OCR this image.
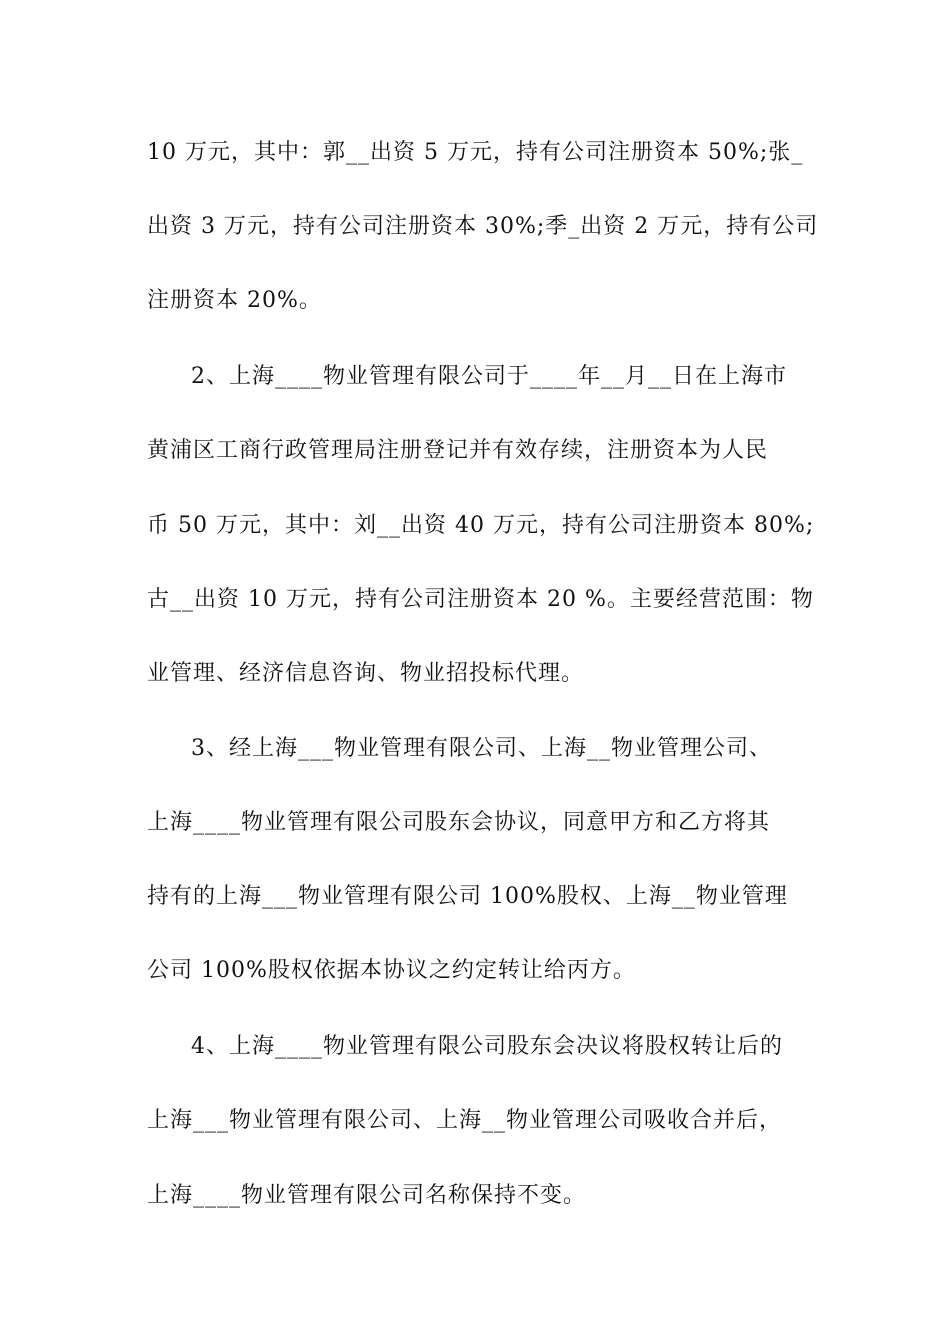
10 万元，其中：郭__出资 5 万元，持有公司注册资本 50%;张_
出资 3 万元，持有公司注册资本 30%;季_出资 2 万元，持有公司
注册资本 20%。
2、上海____物业管理有限公司于____年__月__日在上海市
黄浦区工商行政管理局注册登记并有效存续，注册资本为人民
币 50 万元，其中：刘__出资 40 万元，持有公司注册资本 80%;
古__出资 10 万元，持有公司注册资本 20 %。主要经营范围：物
业管理、经济信息咨询、物业招投标代理。
3、经上海___物业管理有限公司、上海__物业管理公司、
上海____物业管理有限公司股东会协议，同意甲方和乙方将其
持有的上海___物业管理有限公司 100%股权、上海__物业管理
公司 100%股权依据本协议之约定转让给丙方。
4、上海____物业管理有限公司股东会决议将股权转让后的
上海___物业管理有限公司、上海__物业管理公司吸收合并后，
上海____物业管理有限公司名称保持不变。
